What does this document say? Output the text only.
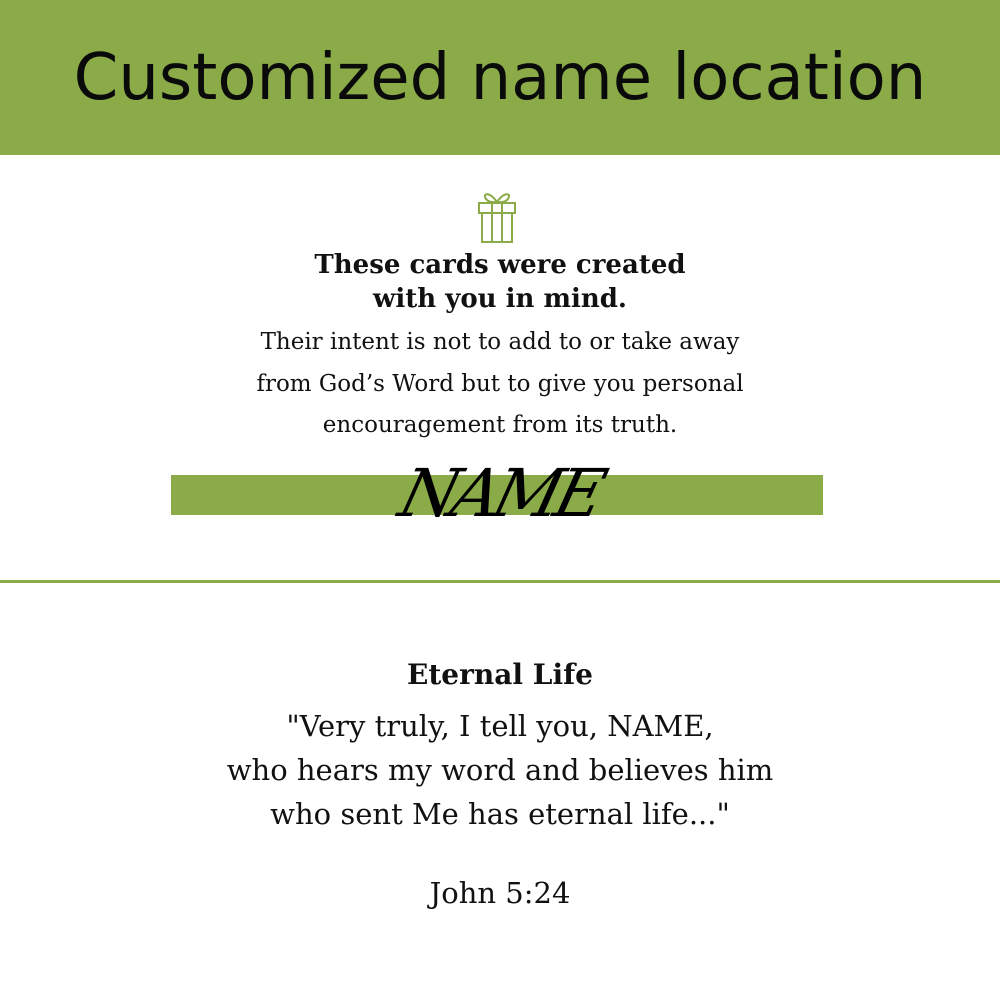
Customized name location
These cards were created
with you in mind.
Their intent is not to add to or take away
from God’s Word but to give you personal
encouragement from its truth.
NAME
Eternal Life
"Very truly, I tell you, NAME,
who hears my word and believes him
who sent Me has eternal life..."
John 5:24
